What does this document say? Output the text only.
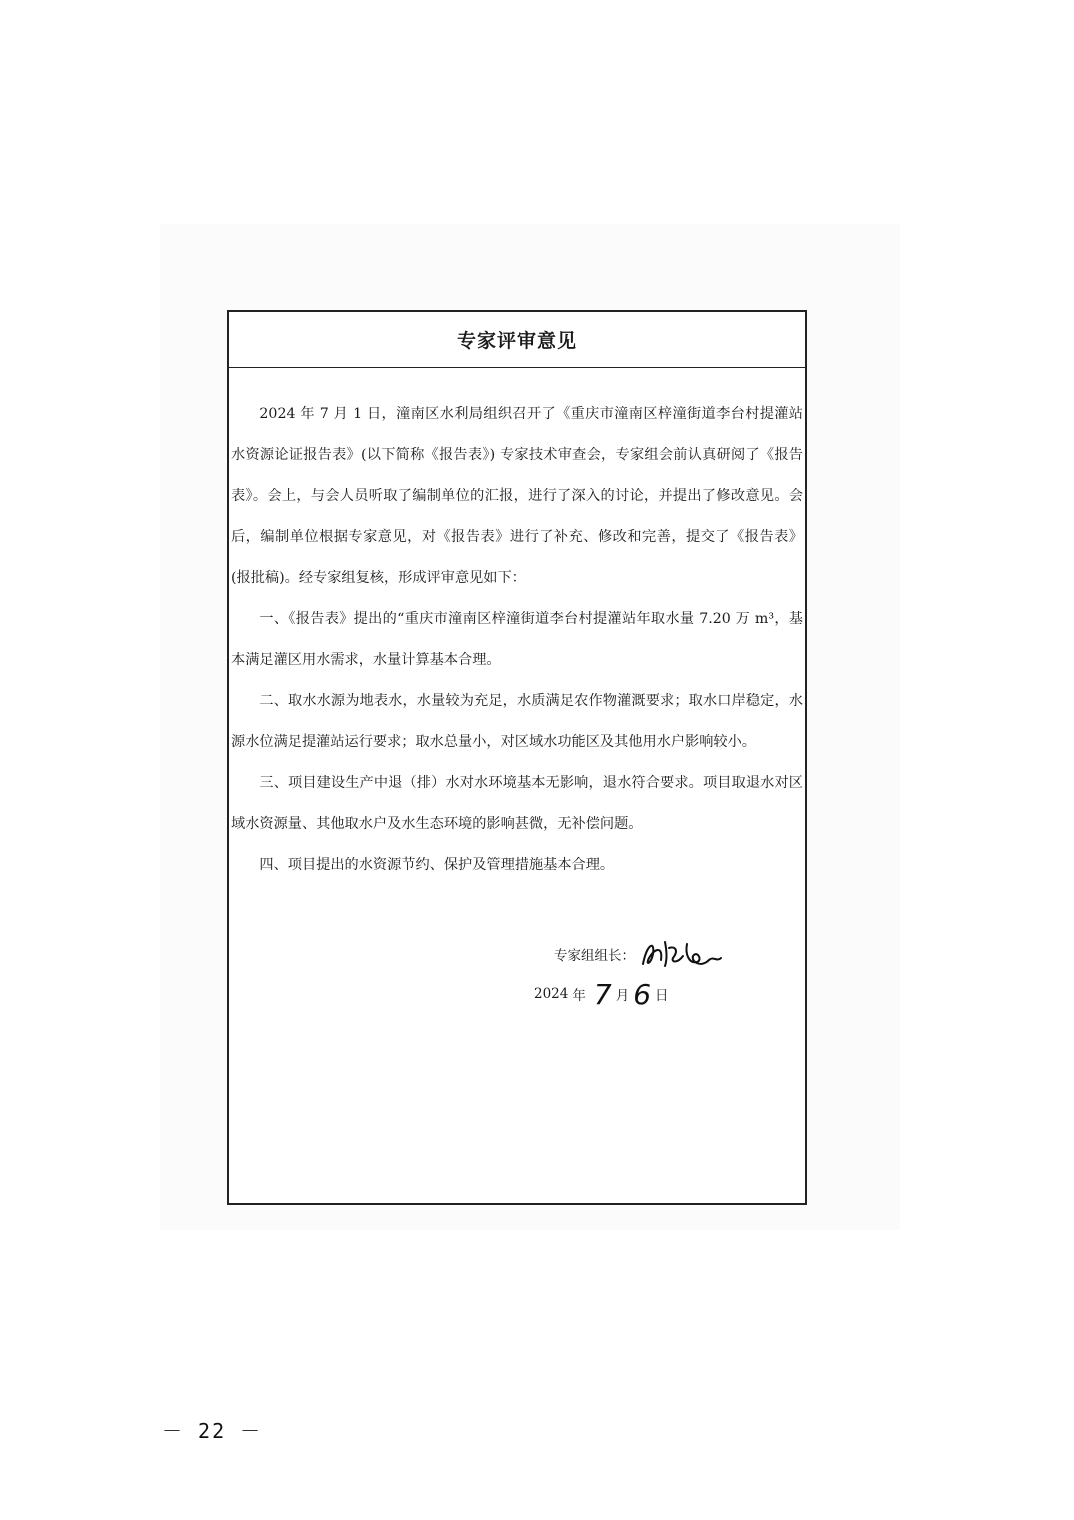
专家评审意见

2024 年 7 月 1 日，潼南区水利局组织召开了《重庆市潼南区梓潼街道李台村提灌站水资源论证报告表》(以下简称《报告表》) 专家技术审查会，专家组会前认真研阅了《报告表》。会上，与会人员听取了编制单位的汇报，进行了深入的讨论，并提出了修改意见。会后，编制单位根据专家意见，对《报告表》进行了补充、修改和完善，提交了《报告表》(报批稿)。经专家组复核，形成评审意见如下：

一、《报告表》提出的“重庆市潼南区梓潼街道李台村提灌站年取水量 7.20 万 m³，基本满足灌区用水需求，水量计算基本合理。

二、取水水源为地表水，水量较为充足，水质满足农作物灌溉要求；取水口岸稳定，水源水位满足提灌站运行要求；取水总量小，对区域水功能区及其他用水户影响较小。

三、项目建设生产中退（排）水对水环境基本无影响，退水符合要求。项目取退水对区域水资源量、其他取水户及水生态环境的影响甚微，无补偿问题。

四、项目提出的水资源节约、保护及管理措施基本合理。

专家组组长：
2024 年 7 月 6 日
－ 22 －
